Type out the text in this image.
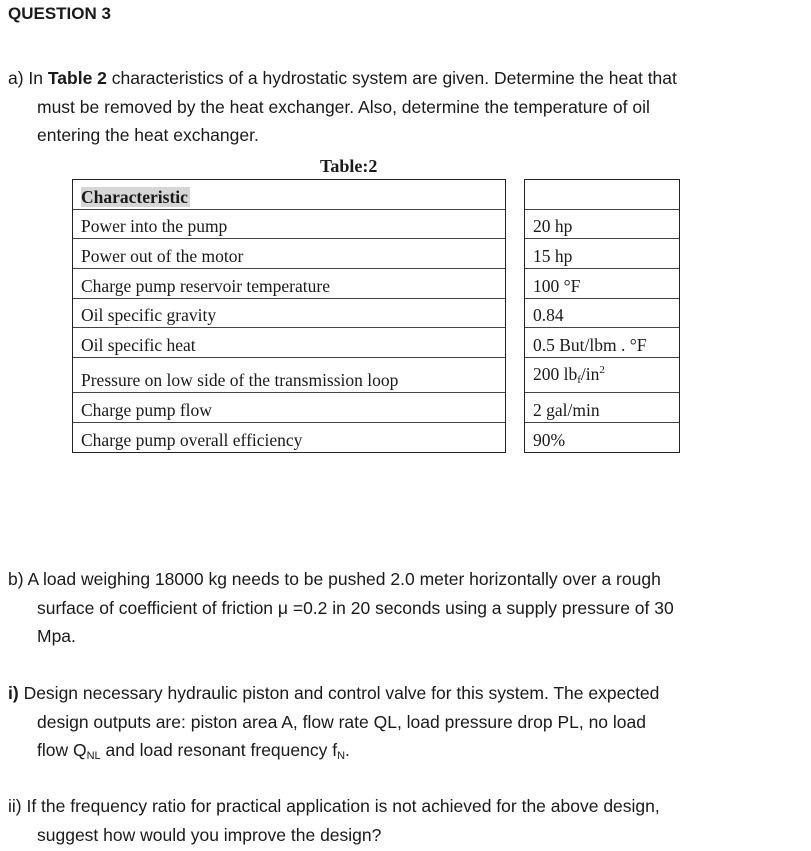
QUESTION 3
a) In Table 2 characteristics of a hydrostatic system are given. Determine the heat that
must be removed by the heat exchanger. Also, determine the temperature of oil
entering the heat exchanger.
Table:2
Characteristic		
Power into the pump		20 hp
Power out of the motor		15 hp
Charge pump reservoir temperature		100 °F
Oil specific gravity		0.84
Oil specific heat		0.5 But/lbm . °F
Pressure on low side of the transmission loop		200 $lb_f/in^2$
Charge pump flow		2 gal/min
Charge pump overall efficiency		90%
b) A load weighing 18000 kg needs to be pushed 2.0 meter horizontally over a rough
surface of coefficient of friction μ =0.2 in 20 seconds using a supply pressure of 30
Mpa.
i) Design necessary hydraulic piston and control valve for this system. The expected
design outputs are: piston area A, flow rate QL, load pressure drop PL, no load
flow $Q_{NL}$ and load resonant frequency $f_N$.
ii) If the frequency ratio for practical application is not achieved for the above design,
suggest how would you improve the design?
